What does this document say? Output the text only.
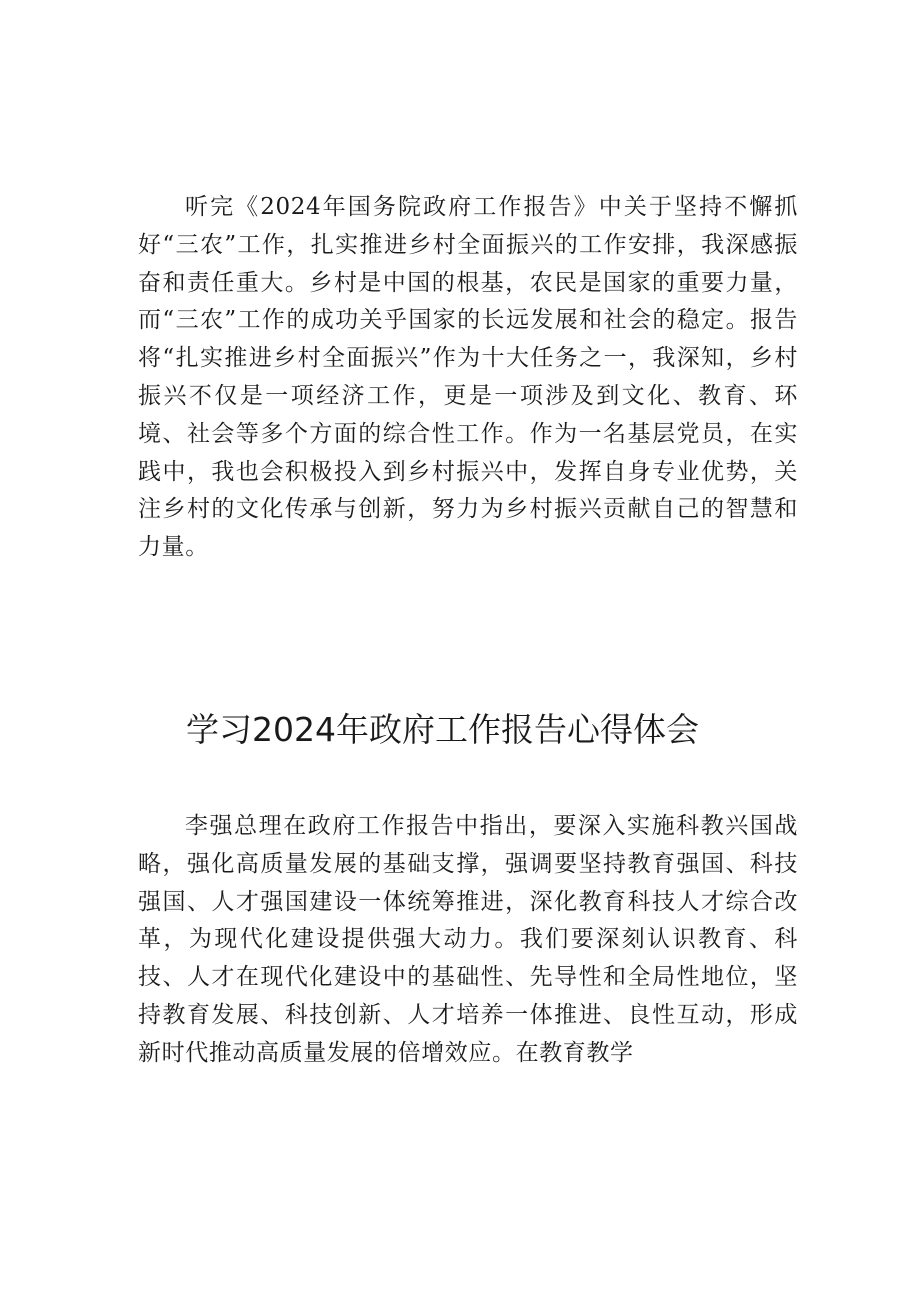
听完《2024年国务院政府工作报告》中关于坚持不懈抓好“三农”工作，扎实推进乡村全面振兴的工作安排，我深感振奋和责任重大。乡村是中国的根基，农民是国家的重要力量，而“三农”工作的成功关乎国家的长远发展和社会的稳定。报告将“扎实推进乡村全面振兴”作为十大任务之一，我深知，乡村振兴不仅是一项经济工作，更是一项涉及到文化、教育、环境、社会等多个方面的综合性工作。作为一名基层党员，在实践中，我也会积极投入到乡村振兴中，发挥自身专业优势，关注乡村的文化传承与创新，努力为乡村振兴贡献自己的智慧和力量。

学习2024年政府工作报告心得体会

李强总理在政府工作报告中指出，要深入实施科教兴国战略，强化高质量发展的基础支撑，强调要坚持教育强国、科技强国、人才强国建设一体统筹推进，深化教育科技人才综合改革，为现代化建设提供强大动力。我们要深刻认识教育、科技、人才在现代化建设中的基础性、先导性和全局性地位，坚持教育发展、科技创新、人才培养一体推进、良性互动，形成新时代推动高质量发展的倍增效应。在教育教学
